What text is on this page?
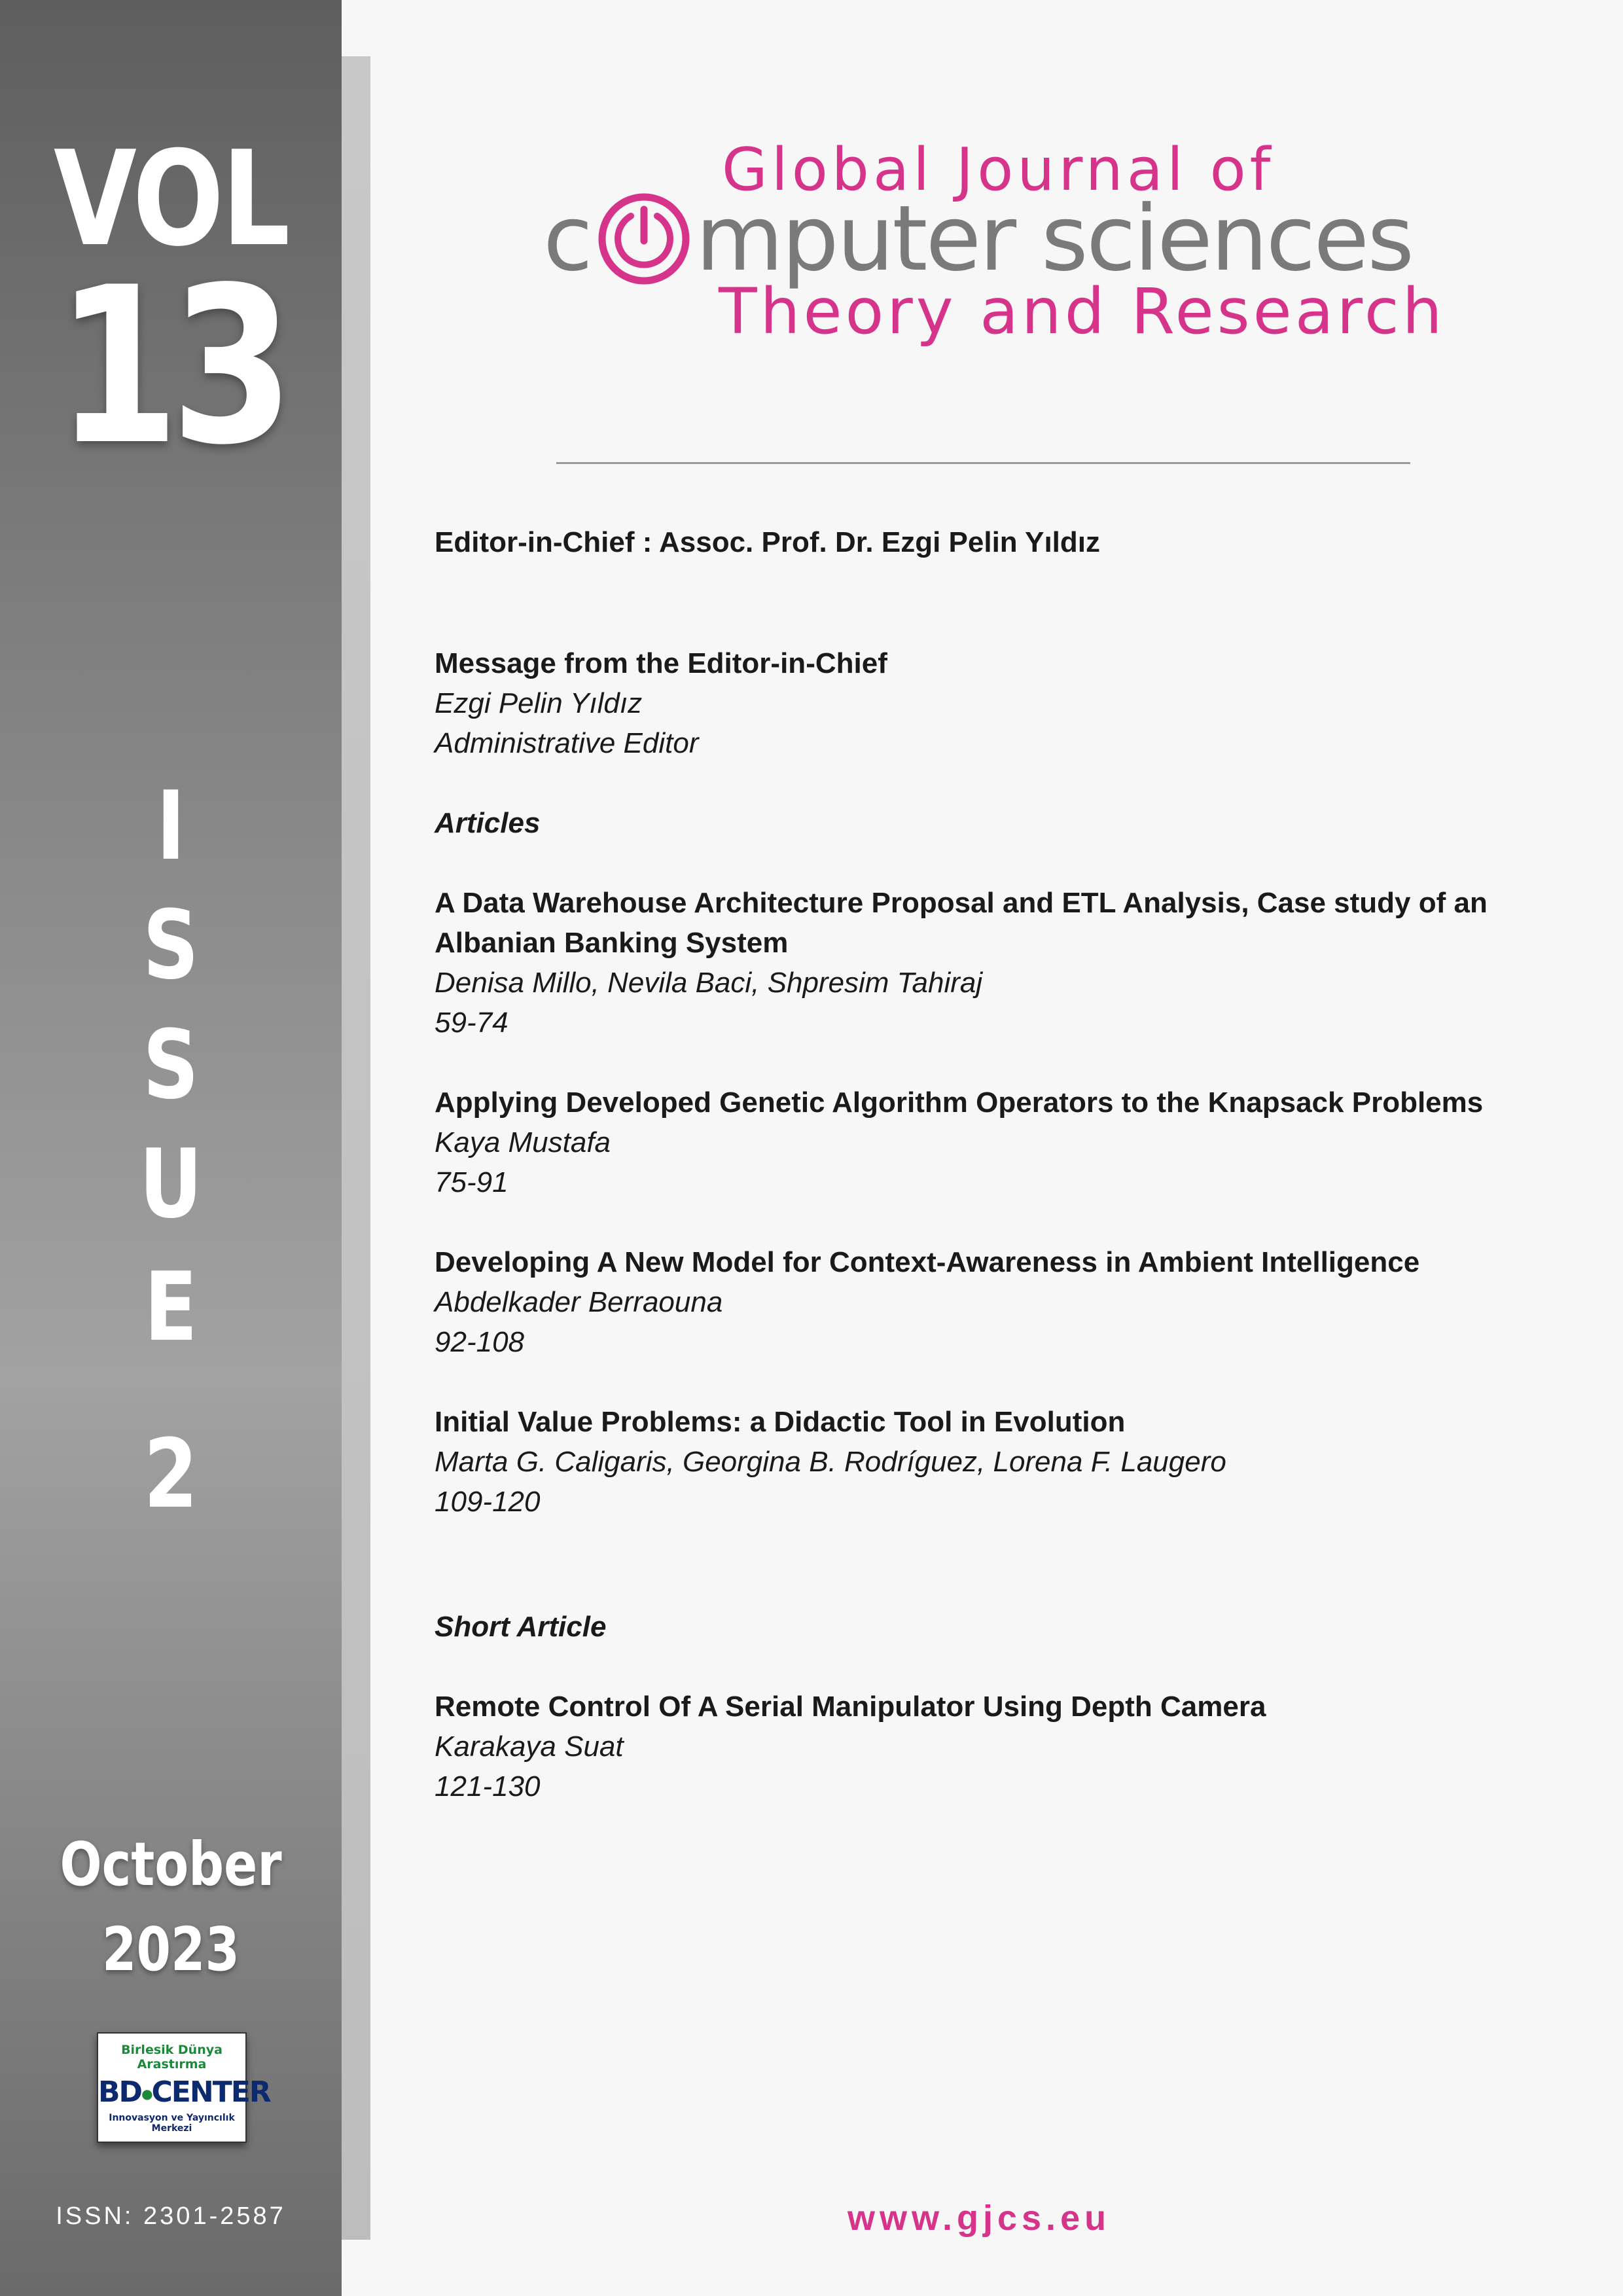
VOL
13
I
S
S
U
E
2
October
2023
Birlesik Dünya Arastırma
BD●CENTER
Innovasyon ve Yayıncılık Merkezi
ISSN: 2301-2587
Global Journal of
c mputer sciences
Theory and Research

Editor-in-Chief : Assoc. Prof. Dr. Ezgi Pelin Yıldız

Message from the Editor-in-Chief

Ezgi Pelin Yıldız

Administrative Editor

Articles

A Data Warehouse Architecture Proposal and ETL Analysis, Case study of an Albanian Banking System

Denisa Millo, Nevila Baci, Shpresim Tahiraj

59-74

Applying Developed Genetic Algorithm Operators to the Knapsack Problems

Kaya Mustafa

75-91

Developing A New Model for Context-Awareness in Ambient Intelligence

Abdelkader Berraouna

92-108

Initial Value Problems: a Didactic Tool in Evolution

Marta G. Caligaris, Georgina B. Rodríguez, Lorena F. Laugero

109-120

Short Article

Remote Control Of A Serial Manipulator Using Depth Camera

Karakaya Suat

121-130

www.gjcs.eu
